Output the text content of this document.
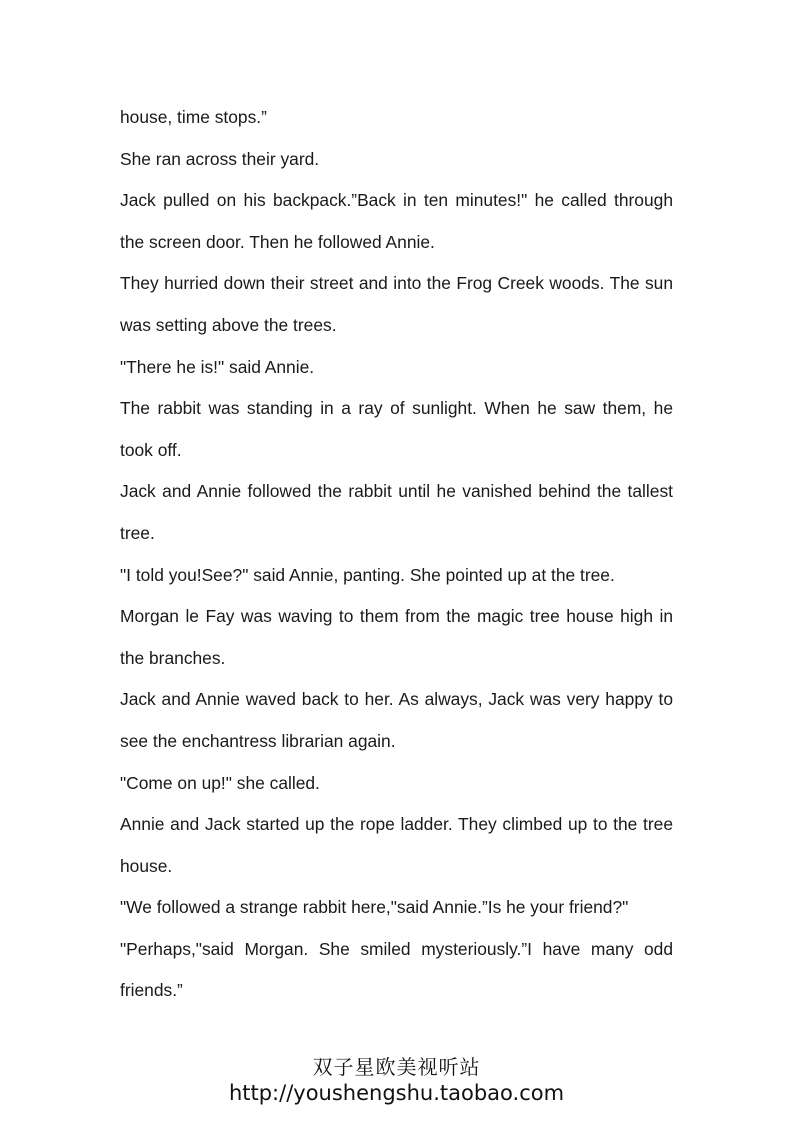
house, time stops.”

She ran across their yard.

Jack pulled on his backpack.”Back in ten minutes!" he called through the screen door. Then he followed Annie.

They hurried down their street and into the Frog Creek woods. The sun was setting above the trees.

"There he is!" said Annie.

The rabbit was standing in a ray of sunlight. When he saw them, he took off.

Jack and Annie followed the rabbit until he vanished behind the tallest tree.

"I told you!See?" said Annie, panting. She pointed up at the tree.

Morgan le Fay was waving to them from the magic tree house high in the branches.

Jack and Annie waved back to her. As always, Jack was very happy to see the enchantress librarian again.

"Come on up!" she called.

Annie and Jack started up the rope ladder. They climbed up to the tree house.

"We followed a strange rabbit here,"said Annie.”Is he your friend?"

"Perhaps,"said Morgan. She smiled mysteriously.”I have many odd friends.”

双子星欧美视听站
http://youshengshu.taobao.com
